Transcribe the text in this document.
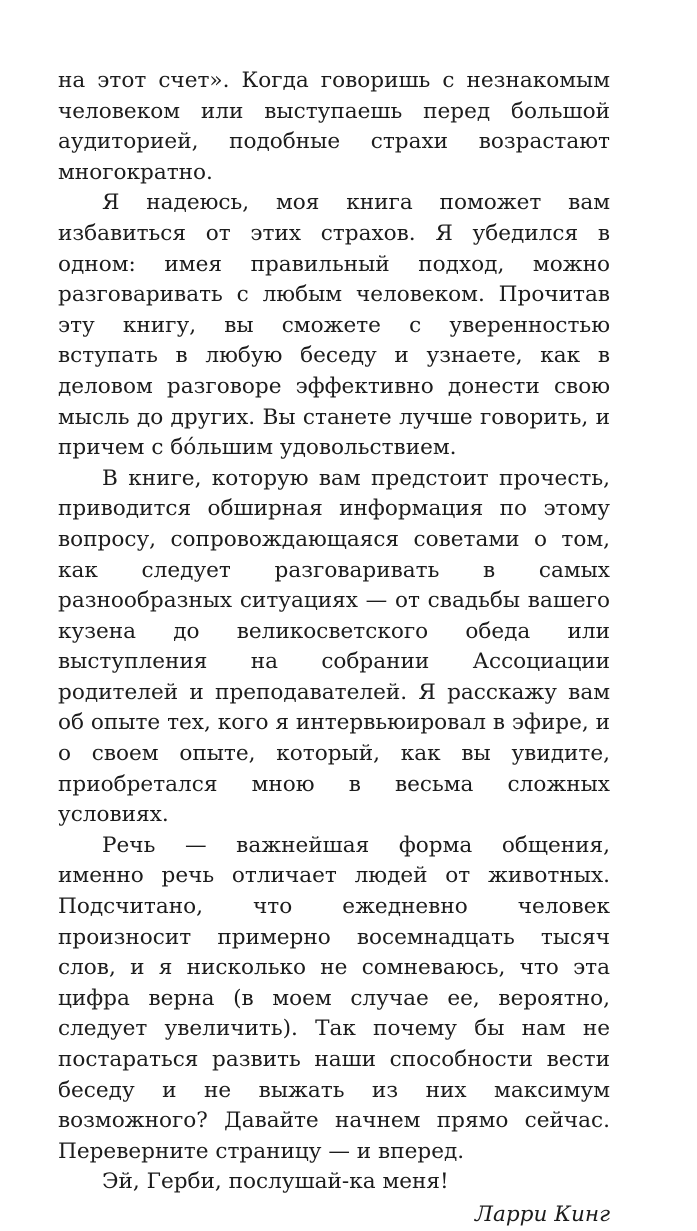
на этот счет». Когда говоришь с незнакомым человеком или выступаешь перед большой аудиторией, подобные страхи возрастают многократно.

Я надеюсь, моя книга поможет вам избавиться от этих страхов. Я убедился в одном: имея правильный подход, можно разговаривать с любым человеком. Прочитав эту книгу, вы сможете с уверенностью вступать в любую беседу и узнаете, как в деловом разговоре эффективно донести свою мысль до других. Вы станете лучше говорить, и причем с бóльшим удовольствием.

В книге, которую вам предстоит прочесть, приводится обширная информация по этому вопросу, сопровождающаяся советами о том, как следует разговаривать в самых разнообразных ситуациях — от свадьбы вашего кузена до великосветского обеда или выступления на собрании Ассоциации родителей и преподавателей. Я расскажу вам об опыте тех, кого я интервьюировал в эфире, и о своем опыте, который, как вы увидите, приобретался мною в весьма сложных условиях.

Речь — важнейшая форма общения, именно речь отличает людей от животных. Подсчитано, что ежедневно человек произносит примерно восемнадцать тысяч слов, и я нисколько не сомневаюсь, что эта цифра верна (в моем случае ее, вероятно, следует увеличить). Так почему бы нам не постараться развить наши способности вести беседу и не выжать из них максимум возможного? Давайте начнем прямо сейчас. Переверните страницу — и вперед.

Эй, Герби, послушай-ка меня!

Ларри Кинг
